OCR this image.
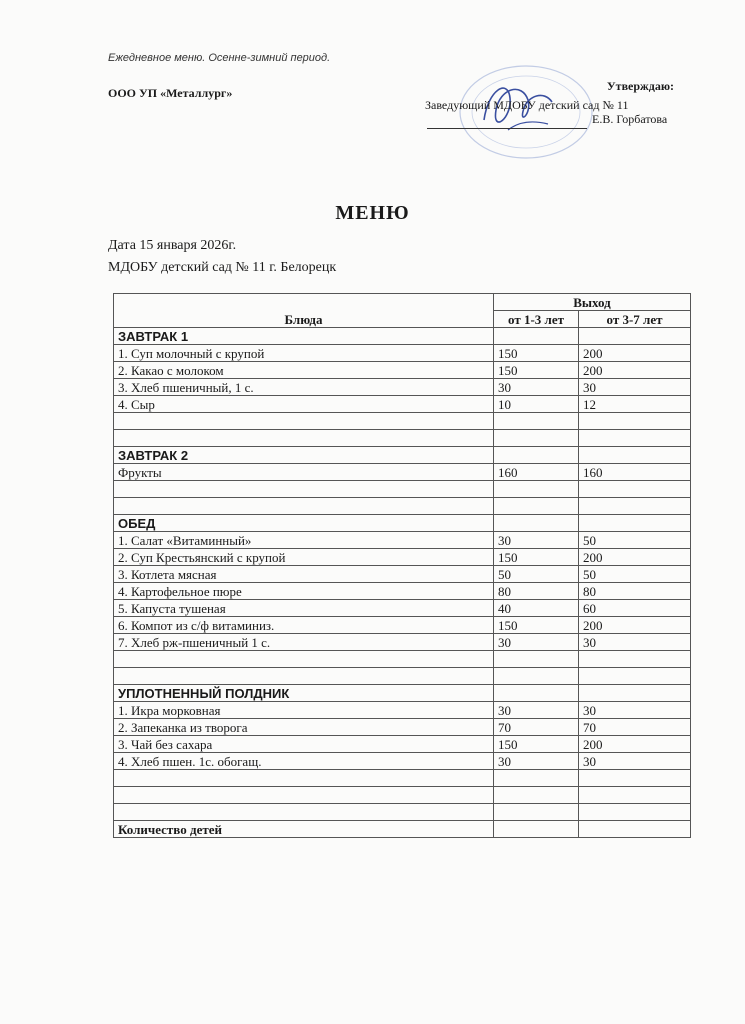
Ежедневное меню. Осенне-зимний период.
ООО УП «Металлург»	Утверждаю:
Заведующий МДОБУ детский сад № 11
Е.В. Горбатова
МЕНЮ
Дата 15 января 2026г.
МДОБУ детский сад № 11 г. Белорецк
Блюда	Выход	
	от 1-3 лет	от 3-7 лет
ЗАВТРАК 1		
1. Суп молочный с крупой	150	200
2. Какао с молоком	150	200
3. Хлеб пшеничный, 1 с.	30	30
4. Сыр	10	12

ЗАВТРАК 2		
Фрукты	160	160

ОБЕД		
1. Салат «Витаминный»	30	50
2. Суп Крестьянский с крупой	150	200
3. Котлета мясная	50	50
4. Картофельное пюре	80	80
5. Капуста тушеная	40	60
6. Компот из с/ф витаминиз.	150	200
7. Хлеб рж-пшеничный 1 с.	30	30

УПЛОТНЕННЫЙ ПОЛДНИК		
1. Икра морковная	30	30
2. Запеканка из творога	70	70
3. Чай без сахара	150	200
4. Хлеб пшен. 1с. обогащ.	30	30

Количество детей		
